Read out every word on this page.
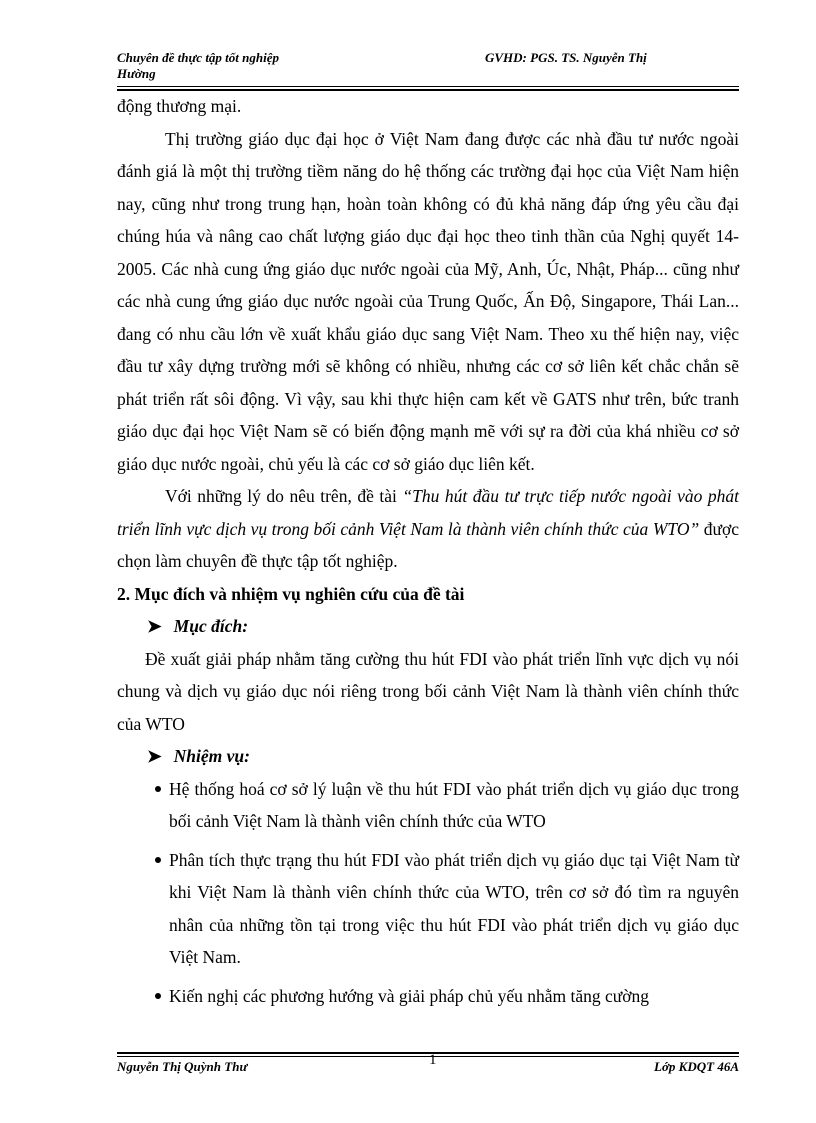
Chuyên đề thực tập tốt nghiệp
Hường
GVHD: PGS. TS. Nguyễn Thị

động thương mại.

Thị trường giáo dục đại học ở Việt Nam đang được các nhà đầu tư nước ngoài đánh giá là một thị trường tiềm năng do hệ thống các trường đại học của Việt Nam hiện nay, cũng như trong trung hạn, hoàn toàn không có đủ khả năng đáp ứng yêu cầu đại chúng húa và nâng cao chất lượng giáo dục đại học theo tinh thần của Nghị quyết 14-2005. Các nhà cung ứng giáo dục nước ngoài của Mỹ, Anh, Úc, Nhật, Pháp... cũng như các nhà cung ứng giáo dục nước ngoài của Trung Quốc, Ấn Độ, Singapore, Thái Lan... đang có nhu cầu lớn về xuất khẩu giáo dục sang Việt Nam. Theo xu thế hiện nay, việc đầu tư xây dựng trường mới sẽ không có nhiều, nhưng các cơ sở liên kết chắc chắn sẽ phát triển rất sôi động. Vì vậy, sau khi thực hiện cam kết về GATS như trên, bức tranh giáo dục đại học Việt Nam sẽ có biến động mạnh mẽ với sự ra đời của khá nhiều cơ sở giáo dục nước ngoài, chủ yếu là các cơ sở giáo dục liên kết.

Với những lý do nêu trên, đề tài “Thu hút đầu tư trực tiếp nước ngoài vào phát triển lĩnh vực dịch vụ trong bối cảnh Việt Nam là thành viên chính thức của WTO” được chọn làm chuyên đề thực tập tốt nghiệp.

2. Mục đích và nhiệm vụ nghiên cứu của đề tài

➤ Mục đích:

Đề xuất giải pháp nhằm tăng cường thu hút FDI vào phát triển lĩnh vực dịch vụ nói chung và dịch vụ giáo dục nói riêng trong bối cảnh Việt Nam là thành viên chính thức của WTO

➤ Nhiệm vụ:

Hệ thống hoá cơ sở lý luận về thu hút FDI vào phát triển dịch vụ giáo dục trong bối cảnh Việt Nam là thành viên chính thức của WTO
Phân tích thực trạng thu hút FDI vào phát triển dịch vụ giáo dục tại Việt Nam từ khi Việt Nam là thành viên chính thức của WTO, trên cơ sở đó tìm ra nguyên nhân của những tồn tại trong việc thu hút FDI vào phát triển dịch vụ giáo dục Việt Nam.
Kiến nghị các phương hướng và giải pháp chủ yếu nhằm tăng cường
Nguyễn Thị Quỳnh Thư	1	Lớp KDQT 46A
